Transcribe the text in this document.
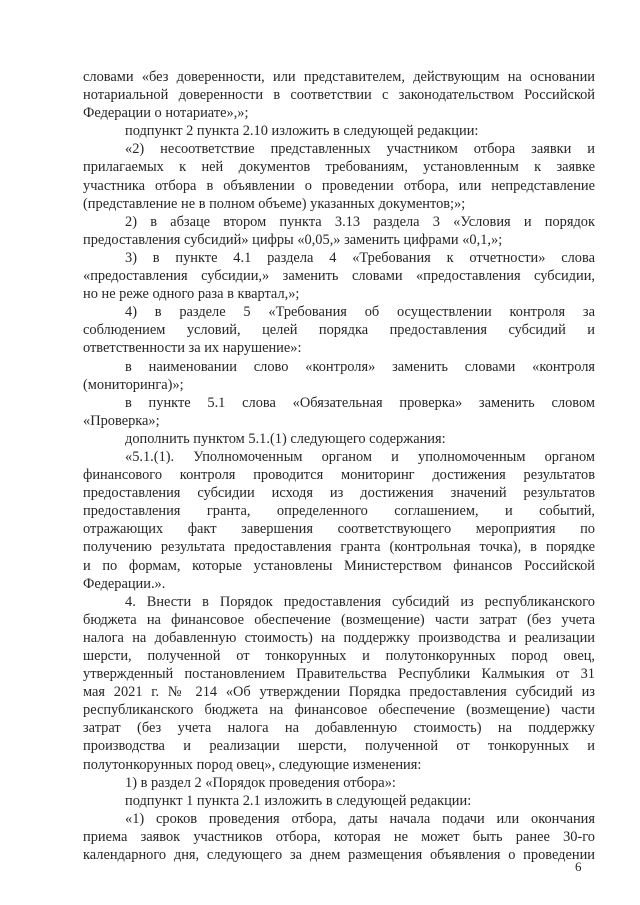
словами «без доверенности, или представителем, действующим на основании
нотариальной доверенности в соответствии с законодательством Российской
Федерации о нотариате»,»;
подпункт 2 пункта 2.10 изложить в следующей редакции:
«2) несоответствие представленных участником отбора заявки и
прилагаемых к ней документов требованиям, установленным к заявке
участника отбора в объявлении о проведении отбора, или непредставление
(представление не в полном объеме) указанных документов;»;
2) в абзаце втором пункта 3.13 раздела 3 «Условия и порядок
предоставления субсидий» цифры «0,05,» заменить цифрами «0,1,»;
3) в пункте 4.1 раздела 4 «Требования к отчетности» слова
«предоставления субсидии,» заменить словами «предоставления субсидии,
но не реже одного раза в квартал,»;
4) в разделе 5 «Требования об осуществлении контроля за
соблюдением условий, целей порядка предоставления субсидий и
ответственности за их нарушение»:
в наименовании слово «контроля» заменить словами «контроля
(мониторинга)»;
в пункте 5.1 слова «Обязательная проверка» заменить словом
«Проверка»;
дополнить пунктом 5.1.(1) следующего содержания:
«5.1.(1). Уполномоченным органом и уполномоченным органом
финансового контроля проводится мониторинг достижения результатов
предоставления субсидии исходя из достижения значений результатов
предоставления гранта, определенного соглашением, и событий,
отражающих факт завершения соответствующего мероприятия по
получению результата предоставления гранта (контрольная точка), в порядке
и по формам, которые установлены Министерством финансов Российской
Федерации.».
4. Внести в Порядок предоставления субсидий из республиканского
бюджета на финансовое обеспечение (возмещение) части затрат (без учета
налога на добавленную стоимость) на поддержку производства и реализации
шерсти, полученной от тонкорунных и полутонкорунных пород овец,
утвержденный постановлением Правительства Республики Калмыкия от 31
мая 2021 г. № 214 «Об утверждении Порядка предоставления субсидий из
республиканского бюджета на финансовое обеспечение (возмещение) части
затрат (без учета налога на добавленную стоимость) на поддержку
производства и реализации шерсти, полученной от тонкорунных и
полутонкорунных пород овец», следующие изменения:
1) в раздел 2 «Порядок проведения отбора»:
подпункт 1 пункта 2.1 изложить в следующей редакции:
«1) сроков проведения отбора, даты начала подачи или окончания
приема заявок участников отбора, которая не может быть ранее 30-го
календарного дня, следующего за днем размещения объявления о проведении
6
